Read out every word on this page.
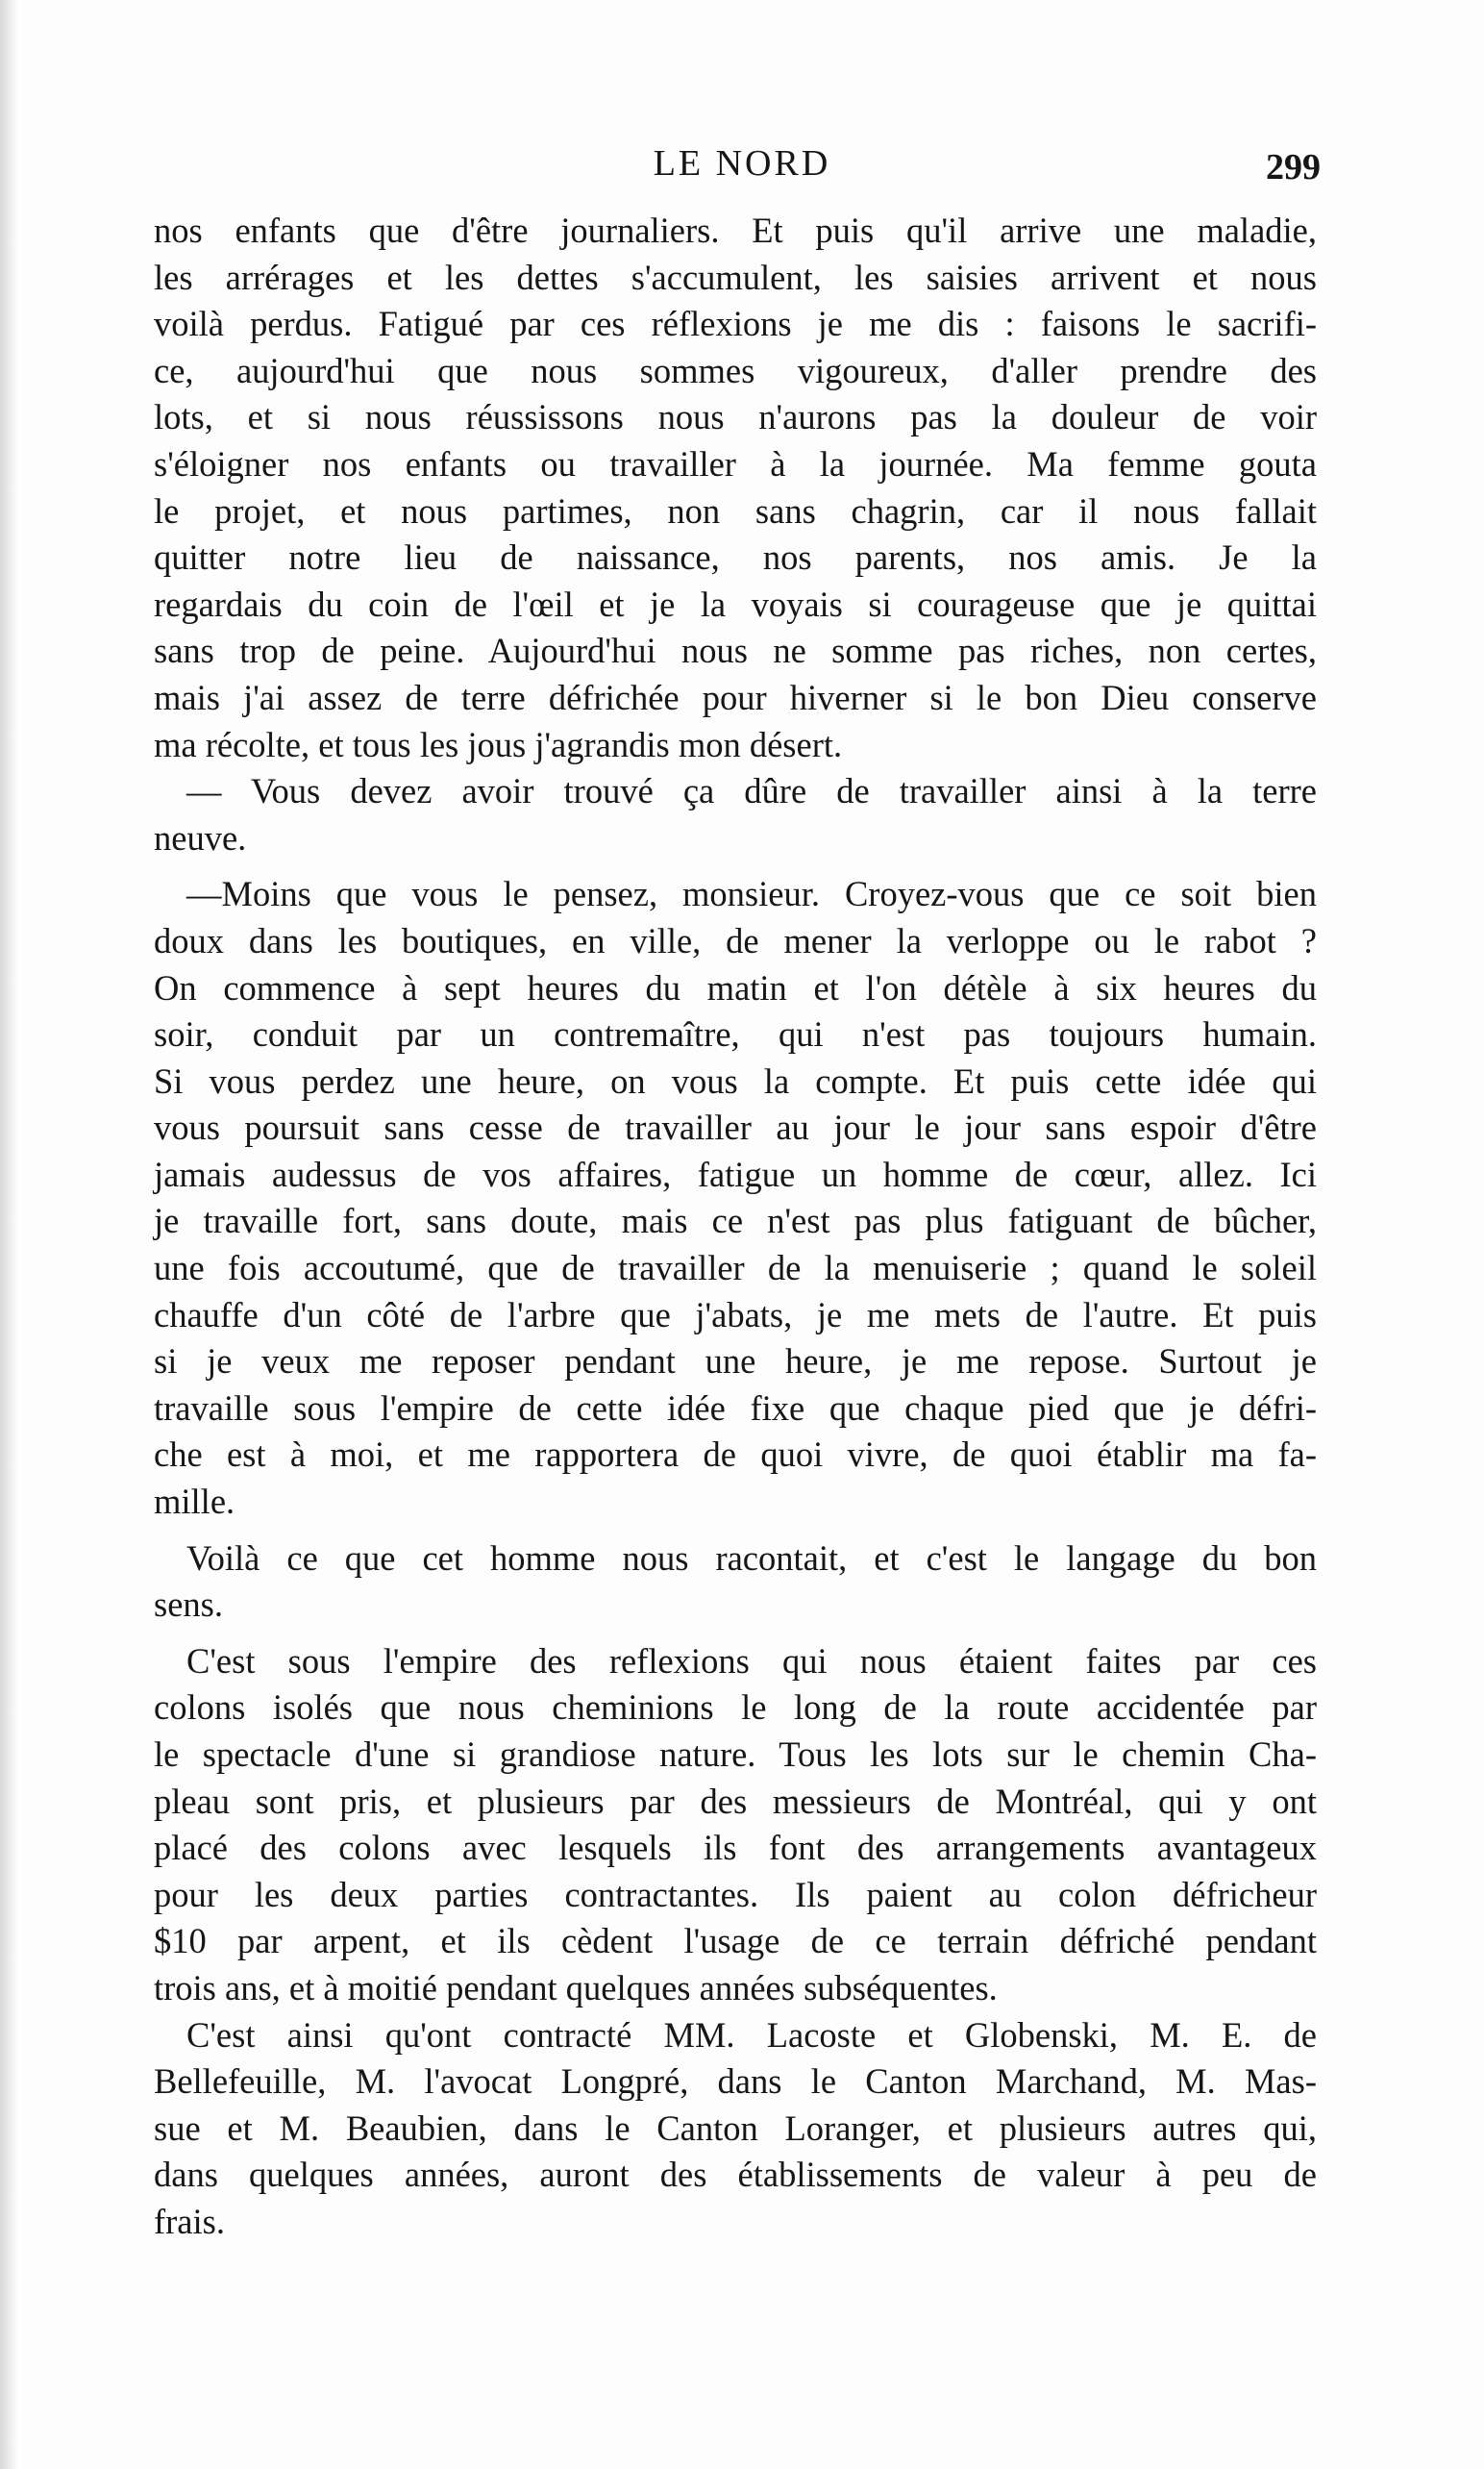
LE NORD	299
nos enfants que d'être journaliers. Et puis qu'il arrive une maladie,
les arrérages et les dettes s'accumulent, les saisies arrivent et nous
voilà perdus. Fatigué par ces réflexions je me dis : faisons le sacrifi-
ce, aujourd'hui que nous sommes vigoureux, d'aller prendre des
lots, et si nous réussissons nous n'aurons pas la douleur de voir
s'éloigner nos enfants ou travailler à la journée. Ma femme gouta
le projet, et nous partimes, non sans chagrin, car il nous fallait
quitter notre lieu de naissance, nos parents, nos amis. Je la
regardais du coin de l'œil et je la voyais si courageuse que je quittai
sans trop de peine. Aujourd'hui nous ne somme pas riches, non certes,
mais j'ai assez de terre défrichée pour hiverner si le bon Dieu conserve
ma récolte, et tous les jous j'agrandis mon désert.
— Vous devez avoir trouvé ça dûre de travailler ainsi à la terre
neuve.
—Moins que vous le pensez, monsieur. Croyez-vous que ce soit bien
doux dans les boutiques, en ville, de mener la verloppe ou le rabot ?
On commence à sept heures du matin et l'on détèle à six heures du
soir, conduit par un contremaître, qui n'est pas toujours humain.
Si vous perdez une heure, on vous la compte. Et puis cette idée qui
vous poursuit sans cesse de travailler au jour le jour sans espoir d'être
jamais audessus de vos affaires, fatigue un homme de cœur, allez. Ici
je travaille fort, sans doute, mais ce n'est pas plus fatiguant de bûcher,
une fois accoutumé, que de travailler de la menuiserie ; quand le soleil
chauffe d'un côté de l'arbre que j'abats, je me mets de l'autre. Et puis
si je veux me reposer pendant une heure, je me repose. Surtout je
travaille sous l'empire de cette idée fixe que chaque pied que je défri-
che est à moi, et me rapportera de quoi vivre, de quoi établir ma fa-
mille.
Voilà ce que cet homme nous racontait, et c'est le langage du bon
sens.
C'est sous l'empire des reflexions qui nous étaient faites par ces
colons isolés que nous cheminions le long de la route accidentée par
le spectacle d'une si grandiose nature. Tous les lots sur le chemin Cha-
pleau sont pris, et plusieurs par des messieurs de Montréal, qui y ont
placé des colons avec lesquels ils font des arrangements avantageux
pour les deux parties contractantes. Ils paient au colon défricheur
$10 par arpent, et ils cèdent l'usage de ce terrain défriché pendant
trois ans, et à moitié pendant quelques années subséquentes.
C'est ainsi qu'ont contracté MM. Lacoste et Globenski, M. E. de
Bellefeuille, M. l'avocat Longpré, dans le Canton Marchand, M. Mas-
sue et M. Beaubien, dans le Canton Loranger, et plusieurs autres qui,
dans quelques années, auront des établissements de valeur à peu de
frais.
